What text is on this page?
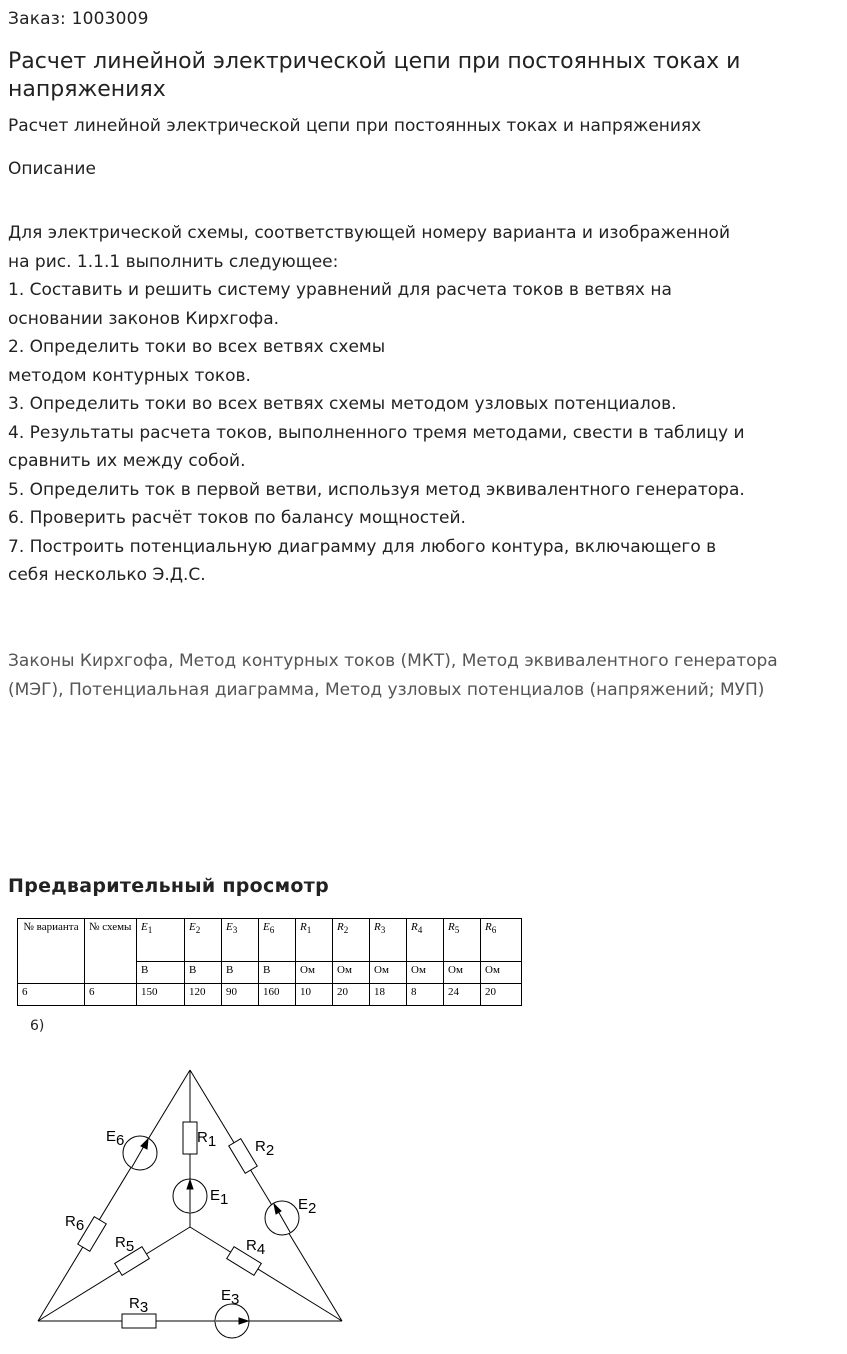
Заказ: 1003009
Расчет линейной электрической цепи при постоянных токах и напряжениях
Расчет линейной электрической цепи при постоянных токах и напряжениях
Описание
Для электрической схемы, соответствующей номеру варианта и изображенной
на рис. 1.1.1 выполнить следующее:
1. Составить и решить систему уравнений для расчета токов в ветвях на
основании законов Кирхгофа.
2. Определить токи во всех ветвях схемы
методом контурных токов.
3. Определить токи во всех ветвях схемы методом узловых потенциалов.
4. Результаты расчета токов, выполненного тремя методами, свести в таблицу и
сравнить их между собой.
5. Определить ток в первой ветви, используя метод эквивалентного генератора.
6. Проверить расчёт токов по балансу мощностей.
7. Построить потенциальную диаграмму для любого контура, включающего в
себя несколько Э.Д.С.
Законы Кирхгофа, Метод контурных токов (МКТ), Метод эквивалентного генератора (МЭГ), Потенциальная диаграмма, Метод узловых потенциалов (напряжений; МУП)
Предварительный просмотр
№ варианта	№ схемы	$E_1$	$E_2$	$E_3$	$E_6$	$R_1$	$R_2$	$R_3$	$R_4$	$R_5$	$R_6$
		В	В	В	В	Ом	Ом	Ом	Ом	Ом	Ом
6	6	150	120	90	160	10	20	18	8	24	20
6)
E6	R1	R2
E1	E2
R6
R5	R4
R3
E3
